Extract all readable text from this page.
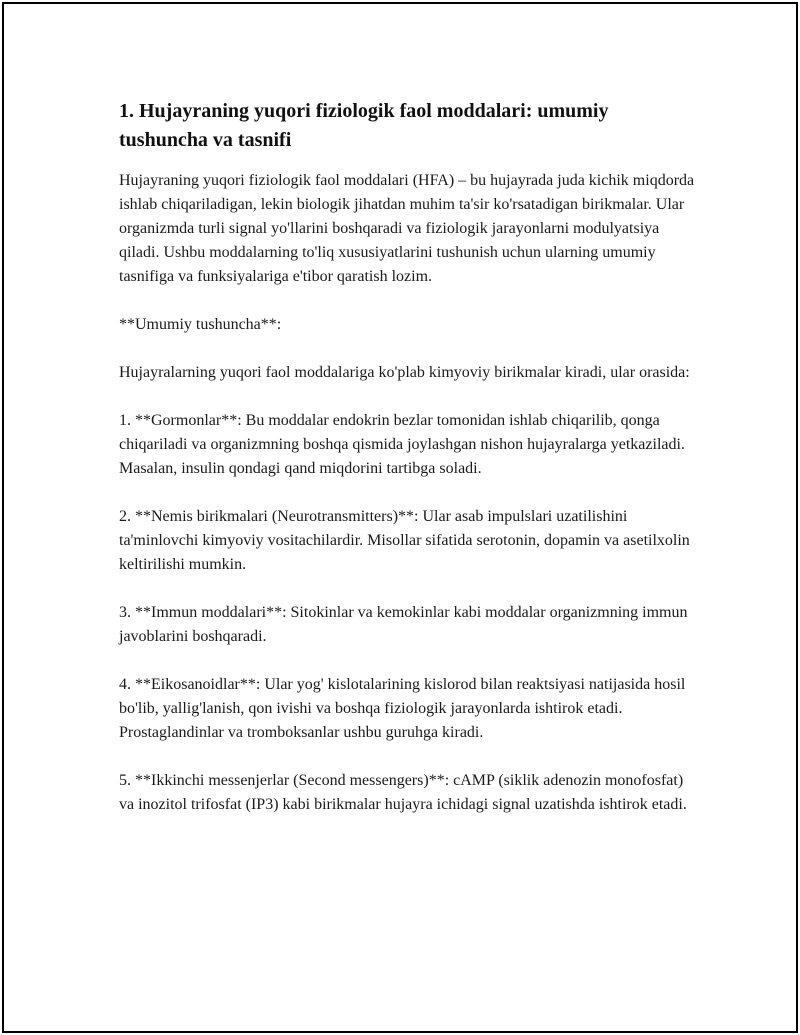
1. Hujayraning yuqori fiziologik faol moddalari: umumiy tushuncha va tasnifi

Hujayraning yuqori fiziologik faol moddalari (HFA) – bu hujayrada juda kichik miqdorda ishlab chiqariladigan, lekin biologik jihatdan muhim ta'sir ko'rsatadigan birikmalar. Ular organizmda turli signal yo'llarini boshqaradi va fiziologik jarayonlarni modulyatsiya qiladi. Ushbu moddalarning to'liq xususiyatlarini tushunish uchun ularning umumiy tasnifiga va funksiyalariga e'tibor qaratish lozim.

**Umumiy tushuncha**:

Hujayralarning yuqori faol moddalariga ko'plab kimyoviy birikmalar kiradi, ular orasida:

1. **Gormonlar**: Bu moddalar endokrin bezlar tomonidan ishlab chiqarilib, qonga chiqariladi va organizmning boshqa qismida joylashgan nishon hujayralarga yetkaziladi. Masalan, insulin qondagi qand miqdorini tartibga soladi.

2. **Nemis birikmalari (Neurotransmitters)**: Ular asab impulslari uzatilishini ta'minlovchi kimyoviy vositachilardir. Misollar sifatida serotonin, dopamin va asetilxolin keltirilishi mumkin.

3. **Immun moddalari**: Sitokinlar va kemokinlar kabi moddalar organizmning immun javoblarini boshqaradi.

4. **Eikosanoidlar**: Ular yog' kislotalarining kislorod bilan reaktsiyasi natijasida hosil bo'lib, yallig'lanish, qon ivishi va boshqa fiziologik jarayonlarda ishtirok etadi. Prostaglandinlar va tromboksanlar ushbu guruhga kiradi.

5. **Ikkinchi messenjerlar (Second messengers)**: cAMP (siklik adenozin monofosfat) va inozitol trifosfat (IP3) kabi birikmalar hujayra ichidagi signal uzatishda ishtirok etadi.
